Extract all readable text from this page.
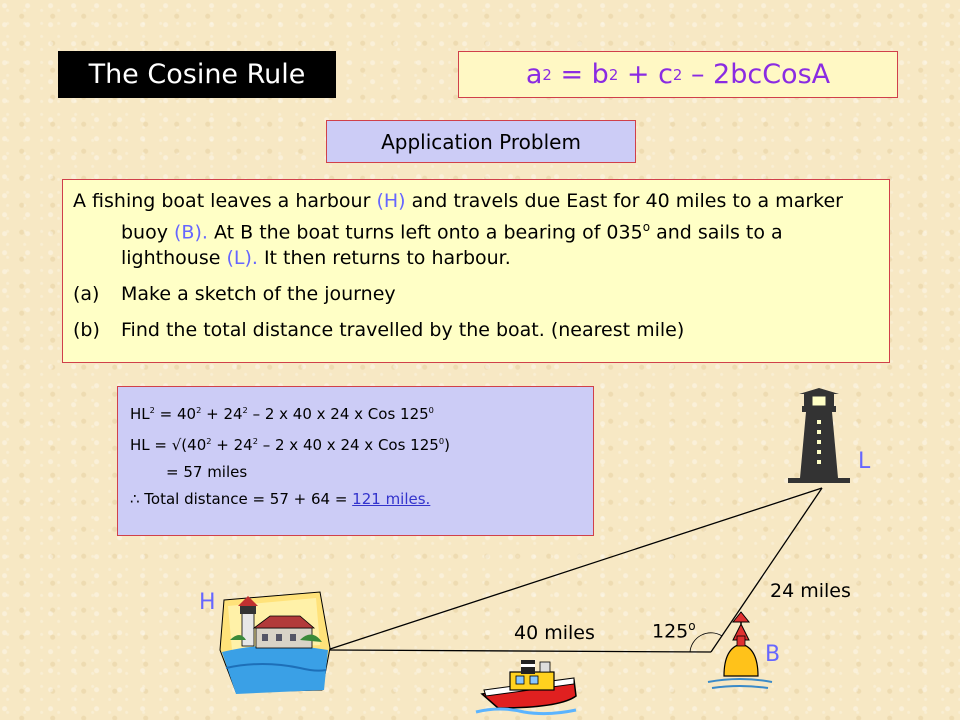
The Cosine Rule	a 2 = b 2 + c 2 – 2bcCosA
Application Problem

A fishing boat leaves a harbour (H) and travels due East for 40 miles to a marker buoy (B). At B the boat turns left onto a bearing of 035$^o$ and sails to a lighthouse (L). It then returns to harbour.

(a)	Make a sketch of the journey
(b)	Find the total distance travelled by the boat. (nearest mile)
$HL^2 = 40^2 + 24^2 - 2$ x 40 x 24 x Cos $125^0$
HL = $√(40^2 + 24^2 - 2$ x 40 x 24 x Cos $125^0$)
= 57 miles
∴ Total distance = 57 + 64 = 121 miles.
H
B
L
40 miles
24 miles
125$^o$
